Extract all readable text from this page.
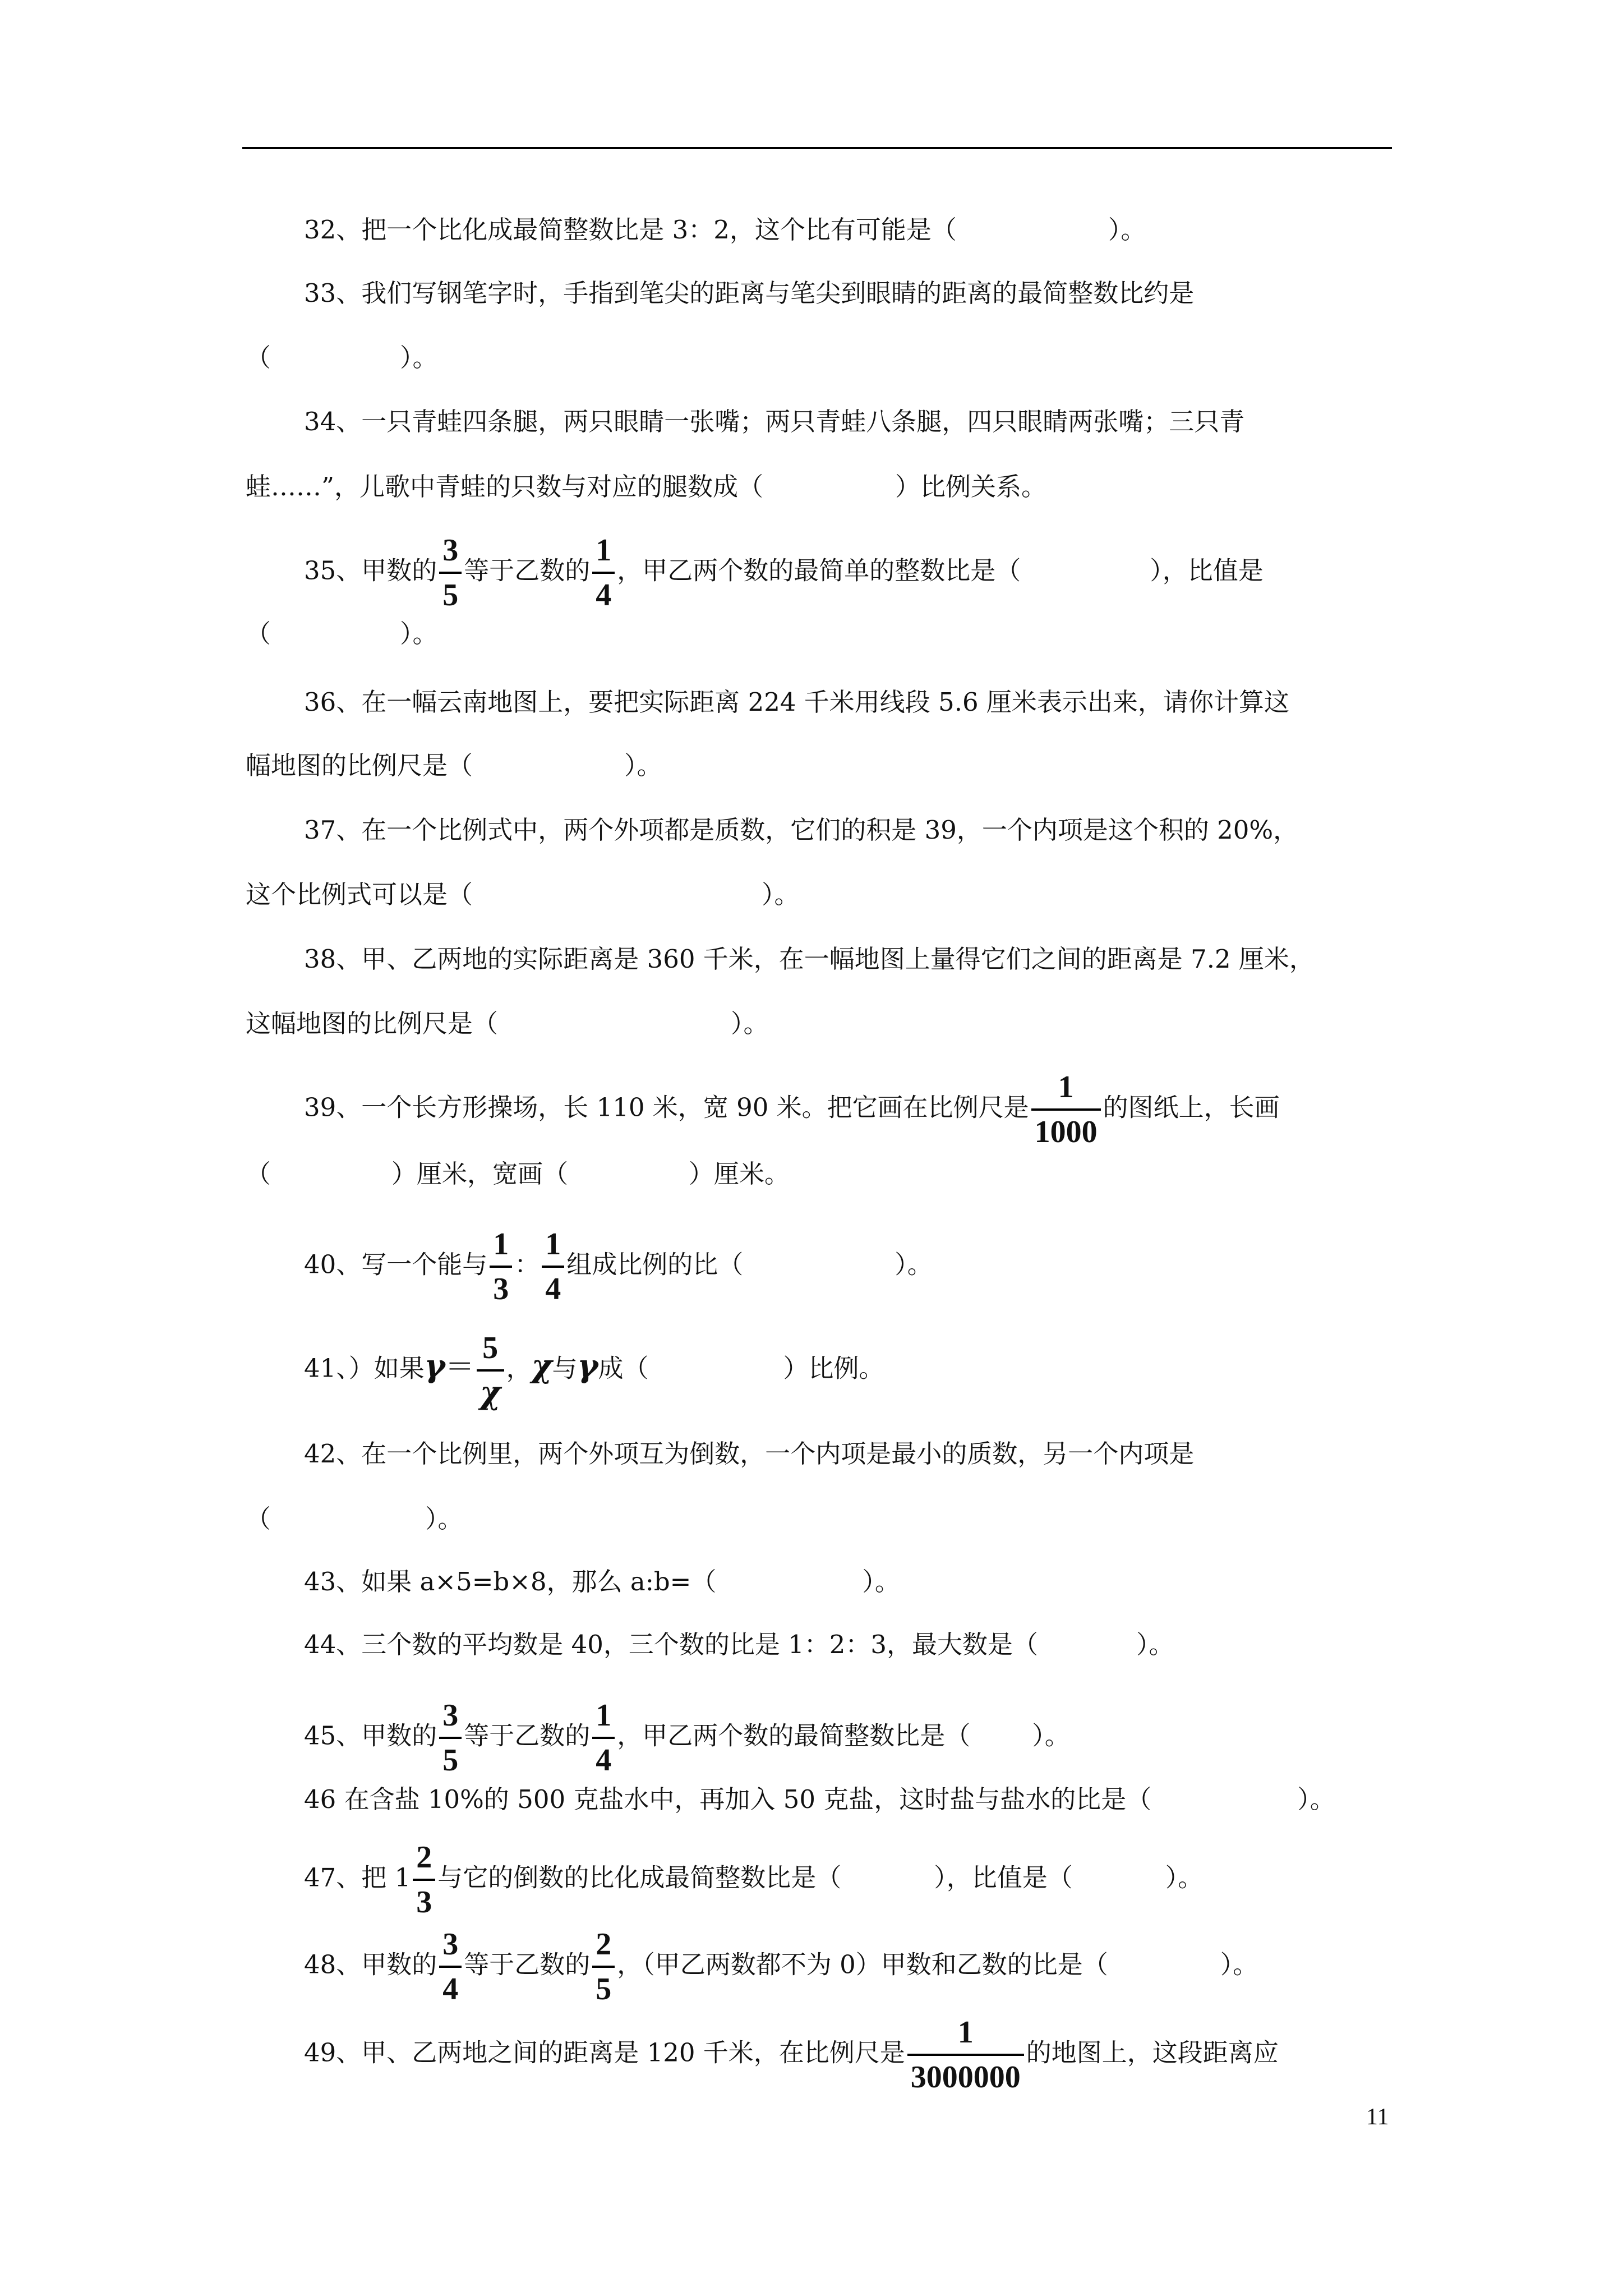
32、把一个比化成最简整数比是 3：2，这个比有可能是（	）。
33、我们写钢笔字时，手指到笔尖的距离与笔尖到眼睛的距离的最简整数比约是
（	）。
34、一只青蛙四条腿，两只眼睛一张嘴；两只青蛙八条腿，四只眼睛两张嘴；三只青
蛙……”，儿歌中青蛙的只数与对应的腿数成（	）比例关系。
35、甲数的 $\frac{3}{5}$ 等于乙数的 $\frac{1}{4}$ ，甲乙两个数的最简单的整数比是（	），比值是
（	）。
36、在一幅云南地图上，要把实际距离 224 千米用线段 5.6 厘米表示出来，请你计算这
幅地图的比例尺是（	）。
37、在一个比例式中，两个外项都是质数，它们的积是 39，一个内项是这个积的 20%，
这个比例式可以是（	）。
38、甲、乙两地的实际距离是 360 千米，在一幅地图上量得它们之间的距离是 7.2 厘米，
这幅地图的比例尺是（	）。
39、一个长方形操场，长 110 米，宽 90 米。把它画在比例尺是 $\frac{1}{1000}$ 的图纸上，长画
（	）厘米，宽画（	）厘米。
40、写一个能与 $\frac{1}{3}$ ： $\frac{1}{4}$ 组成比例的比（	）。
41、）如果$\gamma= \frac{5}{\chi}$ ，χ与γ成（	）比例。
42、在一个比例里，两个外项互为倒数，一个内项是最小的质数，另一个内项是
（	）。
43、如果 a×5=b×8，那么 a:b=（	）。
44、三个数的平均数是 40，三个数的比是 1：2：3，最大数是（	）。
45、甲数的 $\frac{3}{5}$ 等于乙数的 $\frac{1}{4}$ ，甲乙两个数的最简整数比是（ ）。
46 在含盐 10%的 500 克盐水中，再加入 50 克盐，这时盐与盐水的比是（	）。
47、把 $1 \frac{2}{3}$ 与它的倒数的比化成最简整数比是（	），比值是（	）。
48、甲数的 $\frac{3}{4}$ 等于乙数的 $\frac{2}{5}$ ，（甲乙两数都不为 0）甲数和乙数的比是（	）。
49、甲、乙两地之间的距离是 120 千米，在比例尺是 $\frac{1}{3000000}$ 的地图上，这段距离应
11
